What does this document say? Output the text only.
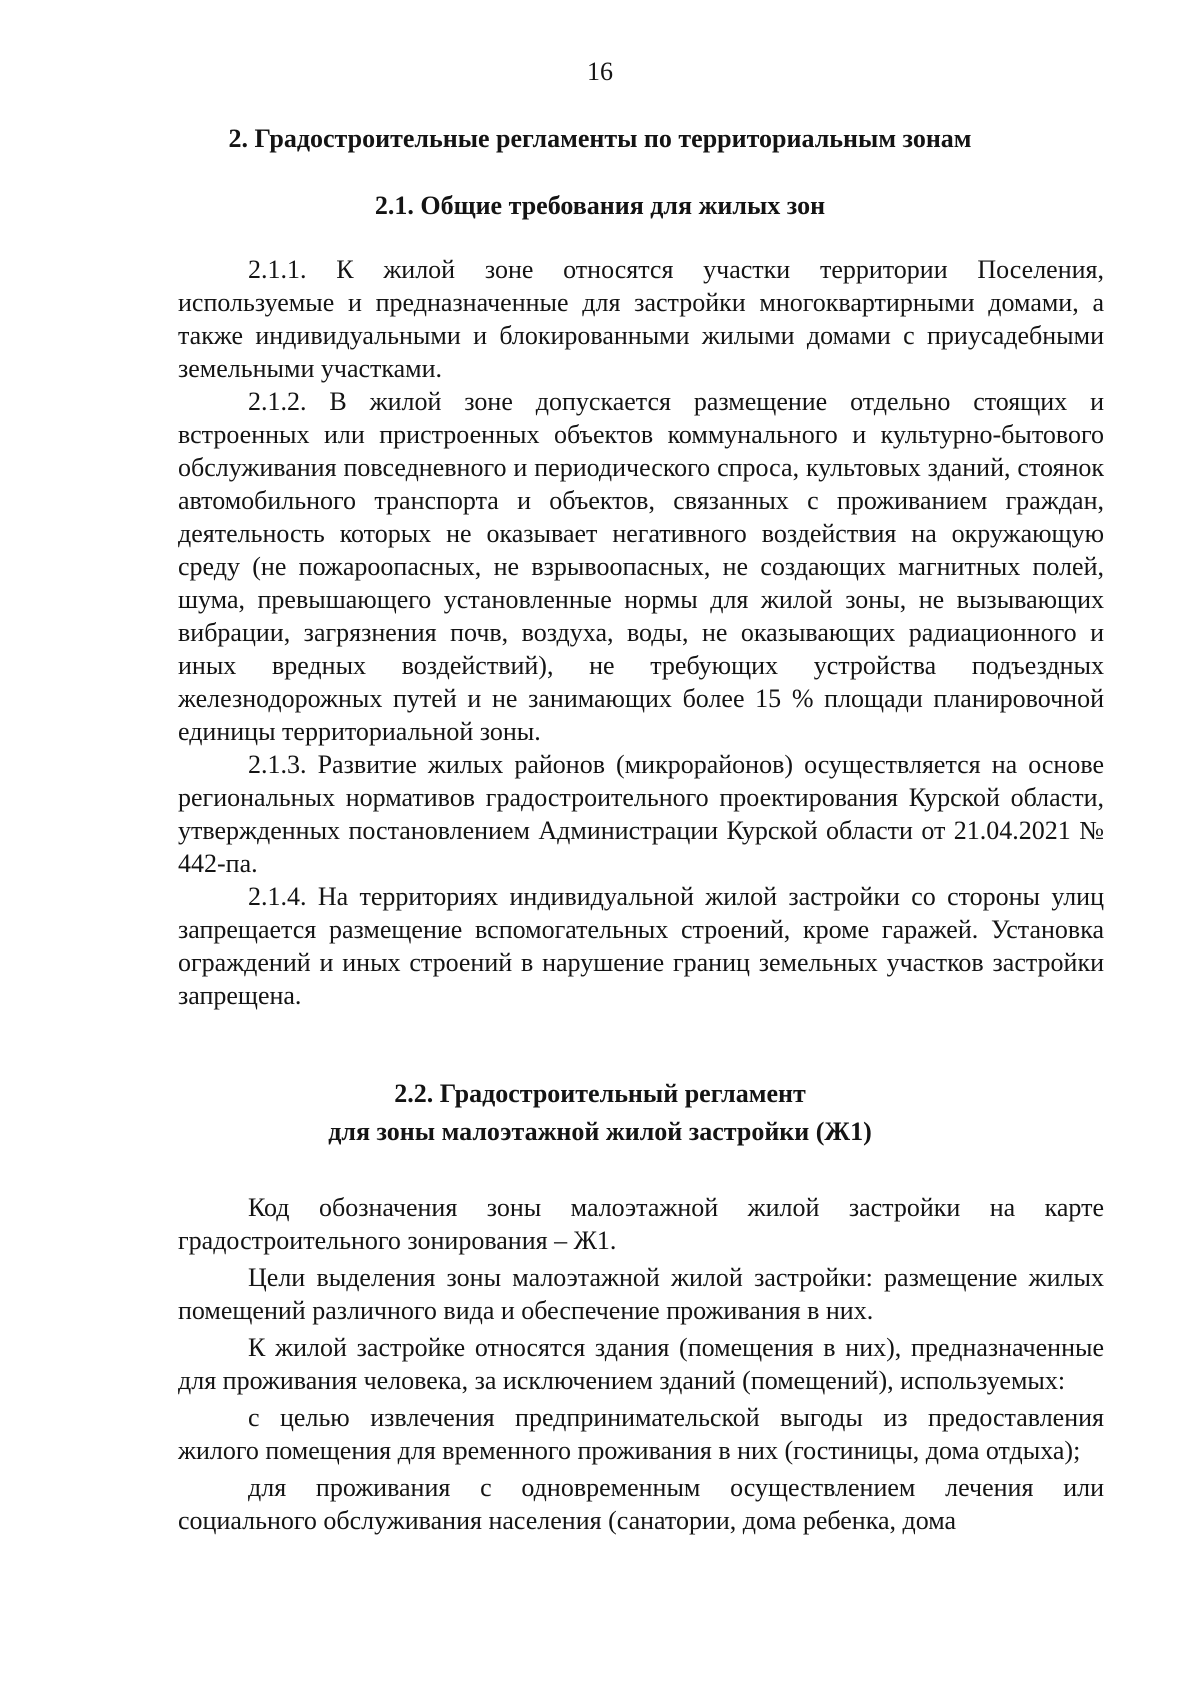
16
2. Градостроительные регламенты по территориальным зонам
2.1. Общие требования для жилых зон

2.1.1. К жилой зоне относятся участки территории Поселения, используемые и предназначенные для застройки многоквартирными домами, а также индивидуальными и блокированными жилыми домами с приусадебными земельными участками.

2.1.2. В жилой зоне допускается размещение отдельно стоящих и встроенных или пристроенных объектов коммунального и культурно-бытового обслуживания повседневного и периодического спроса, культовых зданий, стоянок автомобильного транспорта и объектов, связанных с проживанием граждан, деятельность которых не оказывает негативного воздействия на окружающую среду (не пожароопасных, не взрывоопасных, не создающих магнитных полей, шума, превышающего установленные нормы для жилой зоны, не вызывающих вибрации, загрязнения почв, воздуха, воды, не оказывающих радиационного и иных вредных воздействий), не требующих устройства подъездных железнодорожных путей и не занимающих более 15 % площади планировочной единицы территориальной зоны.

2.1.3. Развитие жилых районов (микрорайонов) осуществляется на основе региональных нормативов градостроительного проектирования Курской области, утвержденных постановлением Администрации Курской области от 21.04.2021 № 442-па.

2.1.4. На территориях индивидуальной жилой застройки со стороны улиц запрещается размещение вспомогательных строений, кроме гаражей. Установка ограждений и иных строений в нарушение границ земельных участков застройки запрещена.

2.2. Градостроительный регламент
для зоны малоэтажной жилой застройки (Ж1)

Код обозначения зоны малоэтажной жилой застройки на карте градостроительного зонирования – Ж1.

Цели выделения зоны малоэтажной жилой застройки: размещение жилых помещений различного вида и обеспечение проживания в них.

К жилой застройке относятся здания (помещения в них), предназначенные для проживания человека, за исключением зданий (помещений), используемых:

с целью извлечения предпринимательской выгоды из предоставления жилого помещения для временного проживания в них (гостиницы, дома отдыха);

для проживания с одновременным осуществлением лечения или социального обслуживания населения (санатории, дома ребенка, дома
